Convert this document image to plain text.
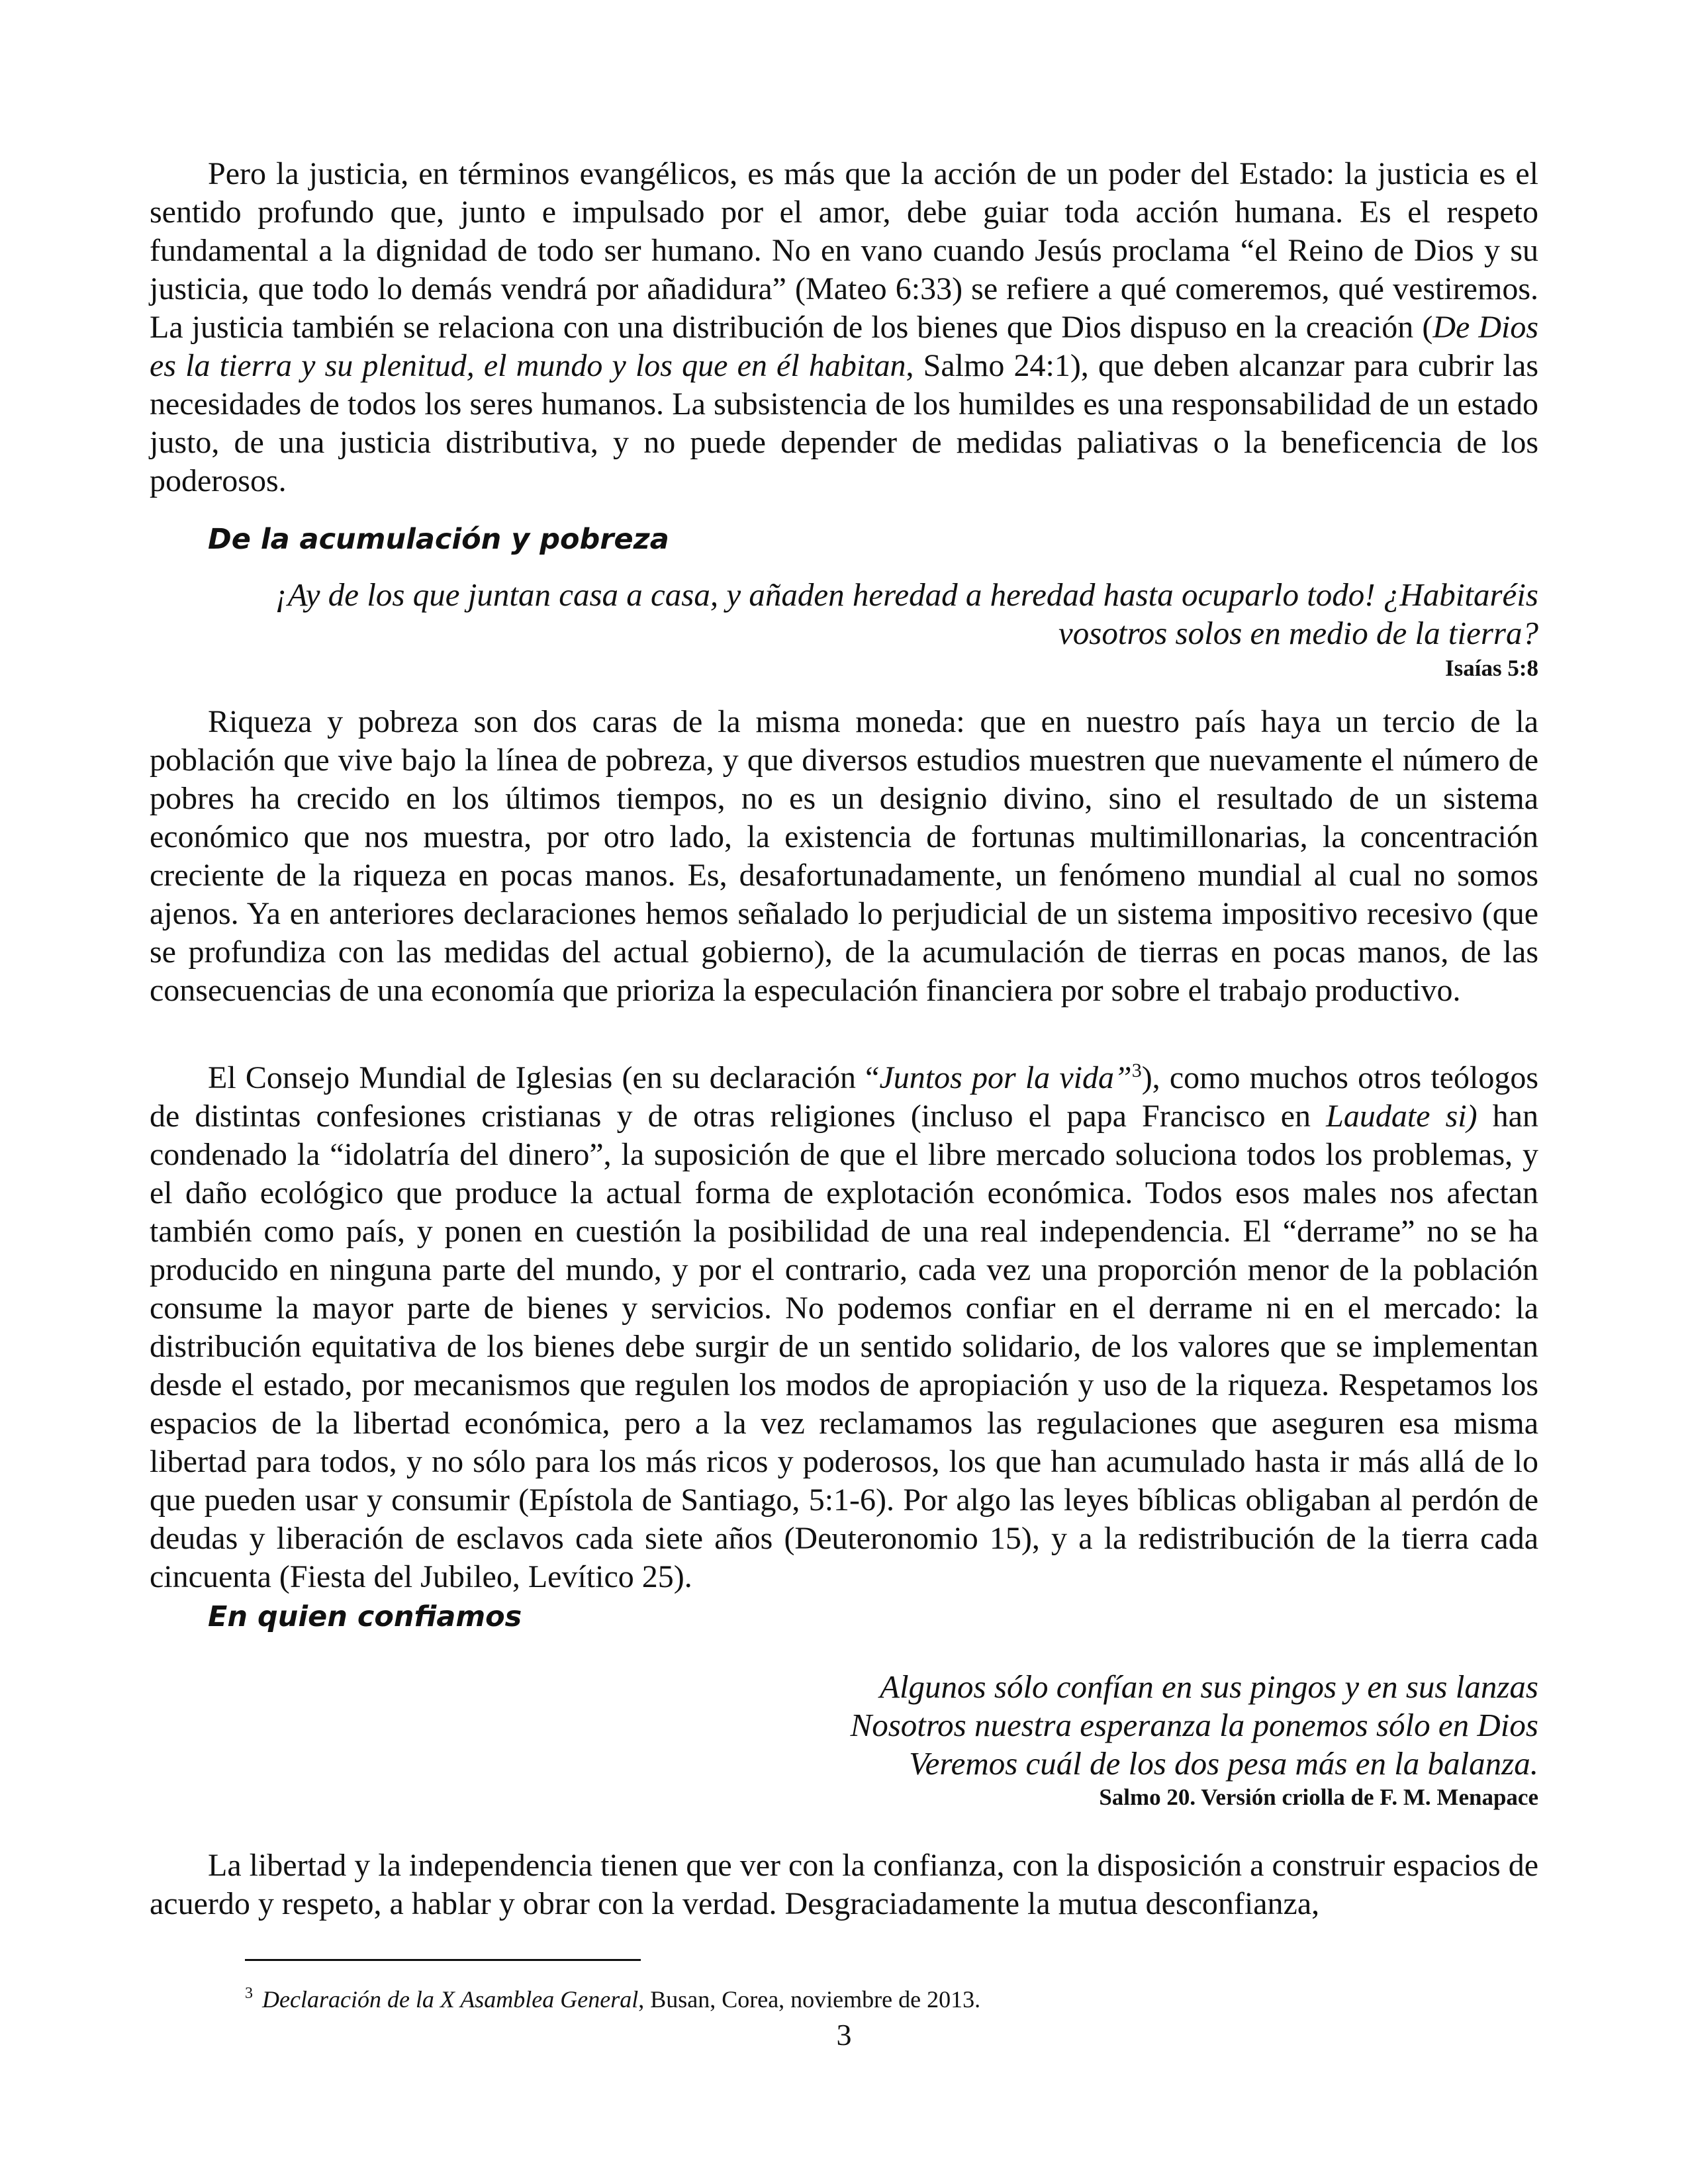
Pero la justicia, en términos evangélicos, es más que la acción de un poder del Estado: la justicia es el sentido profundo que, junto e impulsado por el amor, debe guiar toda acción humana. Es el respeto fundamental a la dignidad de todo ser humano. No en vano cuando Jesús proclama “el Reino de Dios y su justicia, que todo lo demás vendrá por añadidura” (Mateo 6:33) se refiere a qué comeremos, qué vestiremos. La justicia también se relaciona con una distribución de los bienes que Dios dispuso en la creación (De Dios es la tierra y su plenitud, el mundo y los que en él habitan, Salmo 24:1), que deben alcanzar para cubrir las necesidades de todos los seres humanos. La subsistencia de los humildes es una responsabilidad de un estado justo, de una justicia distributiva, y no puede depender de medidas paliativas o la beneficencia de los poderosos.

De la acumulación y pobreza
¡Ay de los que juntan casa a casa, y añaden heredad a heredad hasta ocuparlo todo! ¿Habitaréis
vosotros solos en medio de la tierra?
Isaías 5:8

Riqueza y pobreza son dos caras de la misma moneda: que en nuestro país haya un tercio de la población que vive bajo la línea de pobreza, y que diversos estudios muestren que nuevamente el número de pobres ha crecido en los últimos tiempos, no es un designio divino, sino el resultado de un sistema económico que nos muestra, por otro lado, la existencia de fortunas multimillonarias, la concentración creciente de la riqueza en pocas manos. Es, desafortunadamente, un fenómeno mundial al cual no somos ajenos. Ya en anteriores declaraciones hemos señalado lo perjudicial de un sistema impositivo recesivo (que se profundiza con las medidas del actual gobierno), de la acumulación de tierras en pocas manos, de las consecuencias de una economía que prioriza la especulación financiera por sobre el trabajo productivo.

El Consejo Mundial de Iglesias (en su declaración “Juntos por la vida”$^3$), como muchos otros teólogos de distintas confesiones cristianas y de otras religiones (incluso el papa Francisco en Laudate si) han condenado la “idolatría del dinero”, la suposición de que el libre mercado soluciona todos los problemas, y el daño ecológico que produce la actual forma de explotación económica. Todos esos males nos afectan también como país, y ponen en cuestión la posibilidad de una real independencia. El “derrame” no se ha producido en ninguna parte del mundo, y por el contrario, cada vez una proporción menor de la población consume la mayor parte de bienes y servicios. No podemos confiar en el derrame ni en el mercado: la distribución equitativa de los bienes debe surgir de un sentido solidario, de los valores que se implementan desde el estado, por mecanismos que regulen los modos de apropiación y uso de la riqueza. Respetamos los espacios de la libertad económica, pero a la vez reclamamos las regulaciones que aseguren esa misma libertad para todos, y no sólo para los más ricos y poderosos, los que han acumulado hasta ir más allá de lo que pueden usar y consumir (Epístola de Santiago, 5:1-6). Por algo las leyes bíblicas obligaban al perdón de deudas y liberación de esclavos cada siete años (Deuteronomio 15), y a la redistribución de la tierra cada cincuenta (Fiesta del Jubileo, Levítico 25).

En quien confiamos
Algunos sólo confían en sus pingos y en sus lanzas
Nosotros nuestra esperanza la ponemos sólo en Dios
Veremos cuál de los dos pesa más en la balanza.
Salmo 20. Versión criolla de F. M. Menapace

La libertad y la independencia tienen que ver con la confianza, con la disposición a construir espacios de acuerdo y respeto, a hablar y obrar con la verdad. Desgraciadamente la mutua desconfianza,

$^3$ Declaración de la X Asamblea General, Busan, Corea, noviembre de 2013.
3
